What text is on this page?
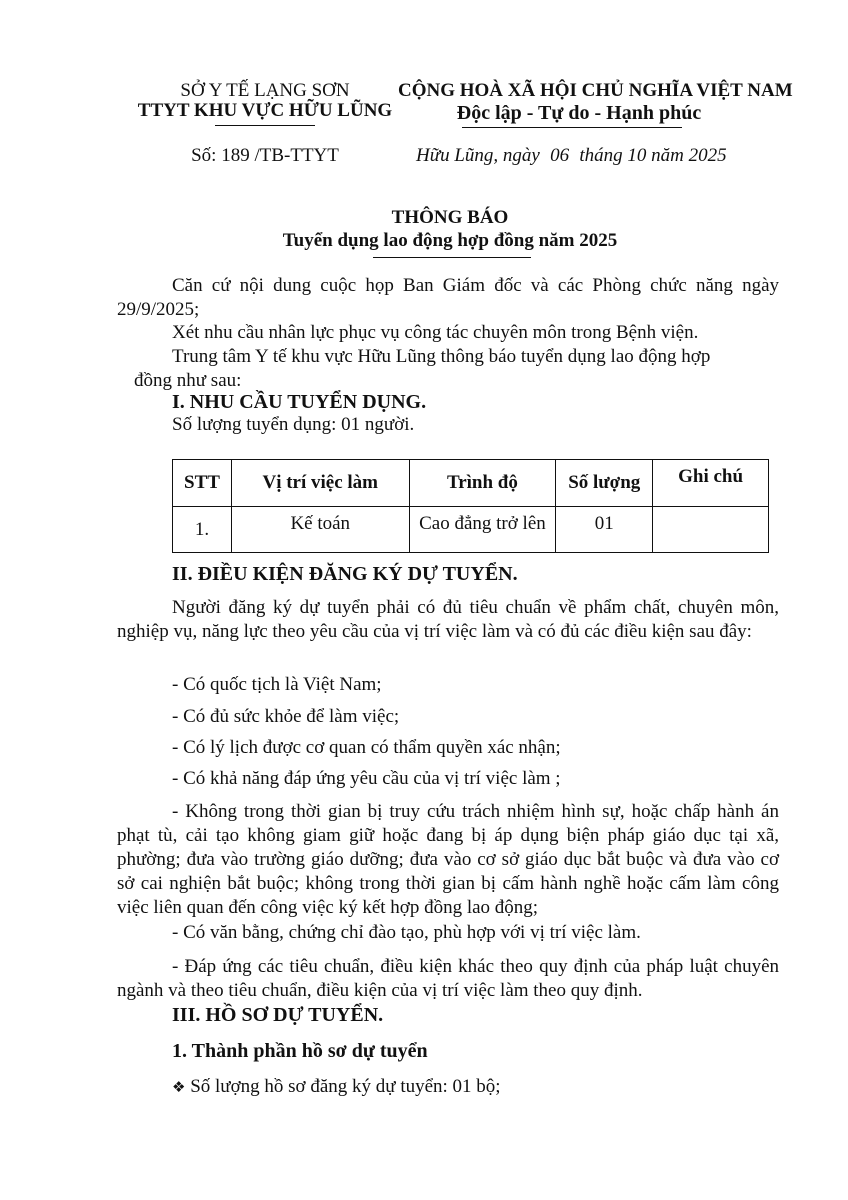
SỞ Y TẾ LẠNG SƠN
TTYT KHU VỰC HỮU LŨNG
Số: 189 /TB-TTYT
CỘNG HOÀ XÃ HỘI CHỦ NGHĨA VIỆT NAM
Độc lập - Tự do - Hạnh phúc
Hữu Lũng, ngày 06 tháng 10 năm 2025
THÔNG BÁO
Tuyển dụng lao động hợp đồng năm 2025
Căn cứ nội dung cuộc họp Ban Giám đốc và các Phòng chức năng ngày 29/9/2025;
Xét nhu cầu nhân lực phục vụ công tác chuyên môn trong Bệnh viện.
Trung tâm Y tế khu vực Hữu Lũng thông báo tuyển dụng lao động hợp
đồng như sau:
I. NHU CẦU TUYỂN DỤNG.
Số lượng tuyển dụng: 01 người.
STT	Vị trí việc làm	Trình độ	Số lượng	Ghi chú

1.	Kế toán	Cao đẳng trở lên	01	

II. ĐIỀU KIỆN ĐĂNG KÝ DỰ TUYỂN.
Người đăng ký dự tuyển phải có đủ tiêu chuẩn về phẩm chất, chuyên môn, nghiệp vụ, năng lực theo yêu cầu của vị trí việc làm và có đủ các điều kiện sau đây:
- Có quốc tịch là Việt Nam;
- Có đủ sức khỏe để làm việc;
- Có lý lịch được cơ quan có thẩm quyền xác nhận;
- Có khả năng đáp ứng yêu cầu của vị trí việc làm ;
- Không trong thời gian bị truy cứu trách nhiệm hình sự, hoặc chấp hành án phạt tù, cải tạo không giam giữ hoặc đang bị áp dụng biện pháp giáo dục tại xã, phường; đưa vào trường giáo dưỡng; đưa vào cơ sở giáo dục bắt buộc và đưa vào cơ sở cai nghiện bắt buộc; không trong thời gian bị cấm hành nghề hoặc cấm làm công việc liên quan đến công việc ký kết hợp đồng lao động;
- Có văn bằng, chứng chỉ đào tạo, phù hợp với vị trí việc làm.
- Đáp ứng các tiêu chuẩn, điều kiện khác theo quy định của pháp luật chuyên ngành và theo tiêu chuẩn, điều kiện của vị trí việc làm theo quy định.
III. HỒ SƠ DỰ TUYỂN.
1. Thành phần hồ sơ dự tuyển
❖ Số lượng hồ sơ đăng ký dự tuyển: 01 bộ;
